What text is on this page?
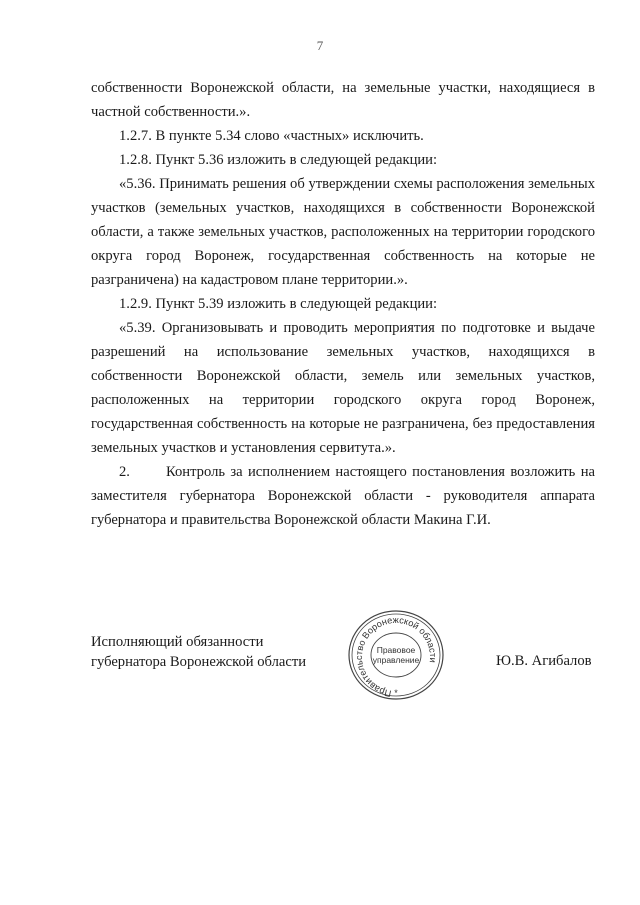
7

собственности Воронежской области, на земельные участки, находящиеся в частной собственности.».

1.2.7. В пункте 5.34 слово «частных» исключить.

1.2.8. Пункт 5.36 изложить в следующей редакции:

«5.36. Принимать решения об утверждении схемы расположения земельных участков (земельных участков, находящихся в собственности Воронежской области, а также земельных участков, расположенных на территории городского округа город Воронеж, государственная собственность на которые не разграничена) на кадастровом плане территории.».

1.2.9. Пункт 5.39 изложить в следующей редакции:

«5.39. Организовывать и проводить мероприятия по подготовке и выдаче разрешений на использование земельных участков, находящихся в собственности Воронежской области, земель или земельных участков, расположенных на территории городского округа город Воронеж, государственная собственность на которые не разграничена, без предоставления земельных участков и установления сервитута.».

2. Контроль за исполнением настоящего постановления возложить на заместителя губернатора Воронежской области - руководителя аппарата губернатора и правительства Воронежской области Макина Г.И.

Исполняющий обязанности
губернатора Воронежской области
Правительство Воронежской области
Правовое
управление
*
Ю.В. Агибалов
